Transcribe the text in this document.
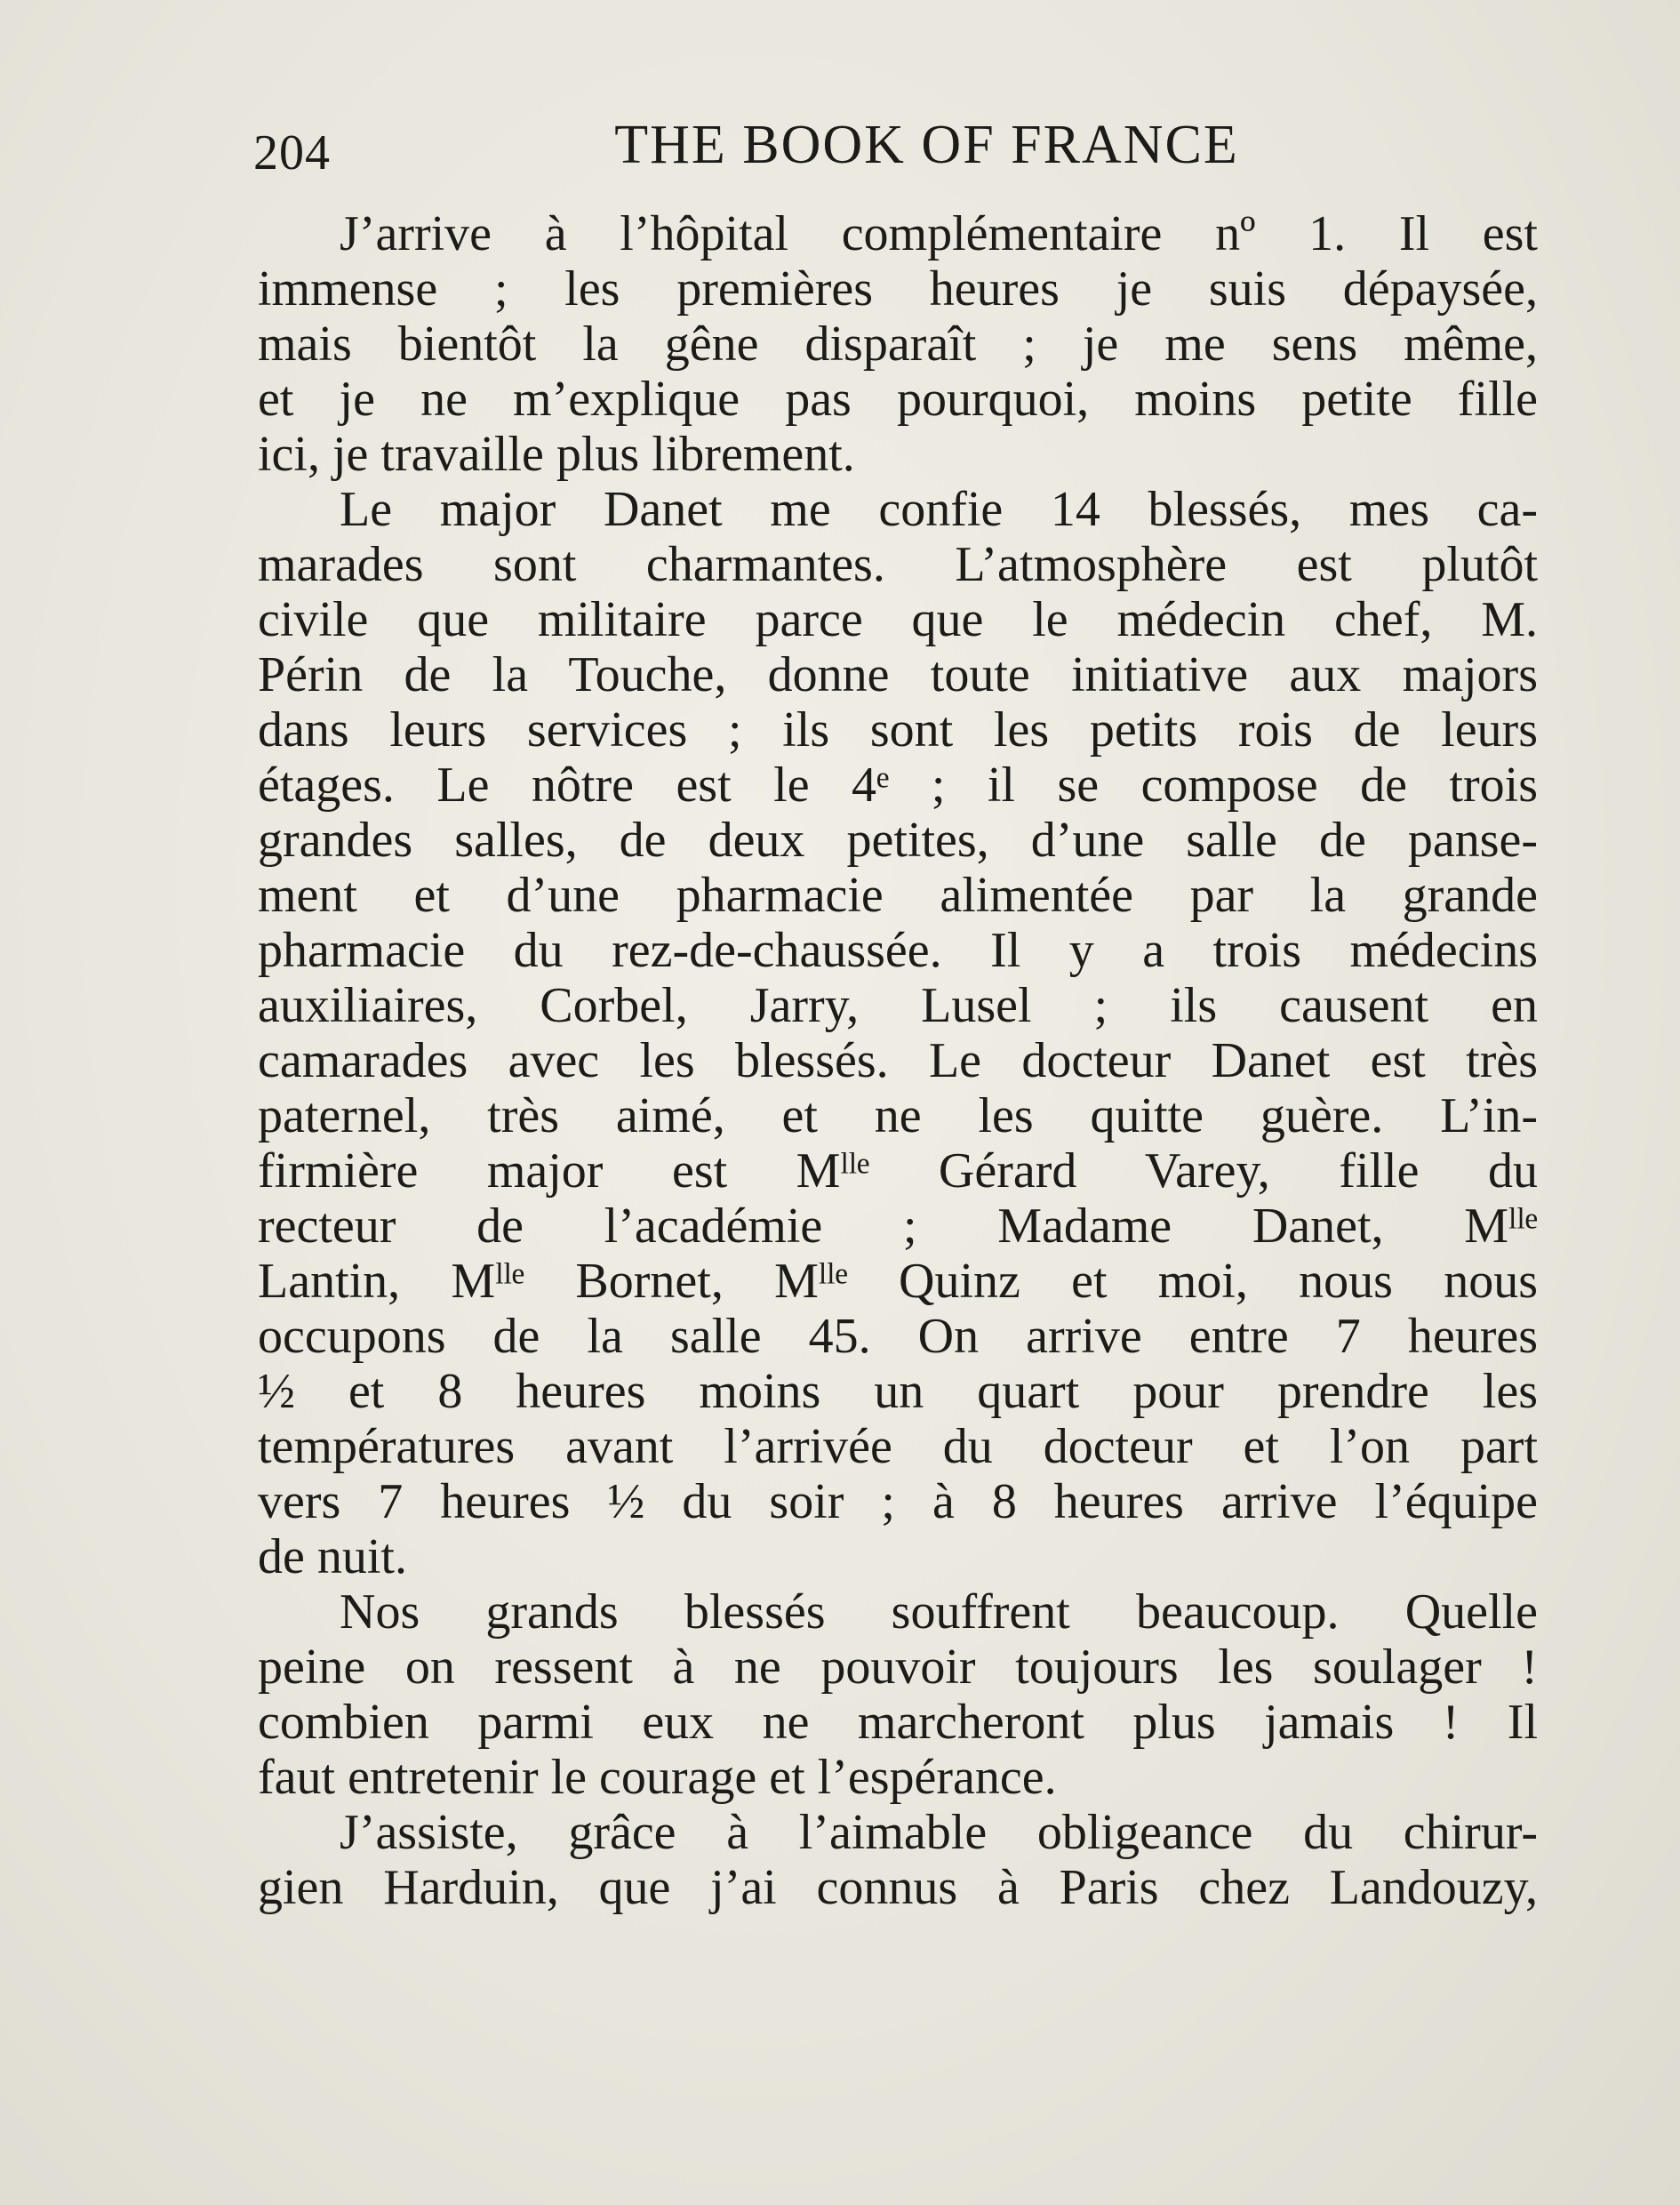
204	THE BOOK OF FRANCE
J’arrive à l’hôpital complémentaire nº 1. Il est
immense ; les premières heures je suis dépaysée,
mais bientôt la gêne disparaît ; je me sens même,
et je ne m’explique pas pourquoi, moins petite fille
ici, je travaille plus librement.
Le major Danet me confie 14 blessés, mes ca-
marades sont charmantes. L’atmosphère est plutôt
civile que militaire parce que le médecin chef, M.
Périn de la Touche, donne toute initiative aux majors
dans leurs services ; ils sont les petits rois de leurs
étages. Le nôtre est le 4ᵉ ; il se compose de trois
grandes salles, de deux petites, d’une salle de panse-
ment et d’une pharmacie alimentée par la grande
pharmacie du rez-de-chaussée. Il y a trois médecins
auxiliaires, Corbel, Jarry, Lusel ; ils causent en
camarades avec les blessés. Le docteur Danet est très
paternel, très aimé, et ne les quitte guère. L’in-
firmière major est Mˡˡᵉ Gérard Varey, fille du
recteur de l’académie ; Madame Danet, Mˡˡᵉ
Lantin, Mˡˡᵉ Bornet, Mˡˡᵉ Quinz et moi, nous nous
occupons de la salle 45. On arrive entre 7 heures
½ et 8 heures moins un quart pour prendre les
températures avant l’arrivée du docteur et l’on part
vers 7 heures ½ du soir ; à 8 heures arrive l’équipe
de nuit.
Nos grands blessés souffrent beaucoup. Quelle
peine on ressent à ne pouvoir toujours les soulager !
combien parmi eux ne marcheront plus jamais ! Il
faut entretenir le courage et l’espérance.
J’assiste, grâce à l’aimable obligeance du chirur-
gien Harduin, que j’ai connus à Paris chez Landouzy,
